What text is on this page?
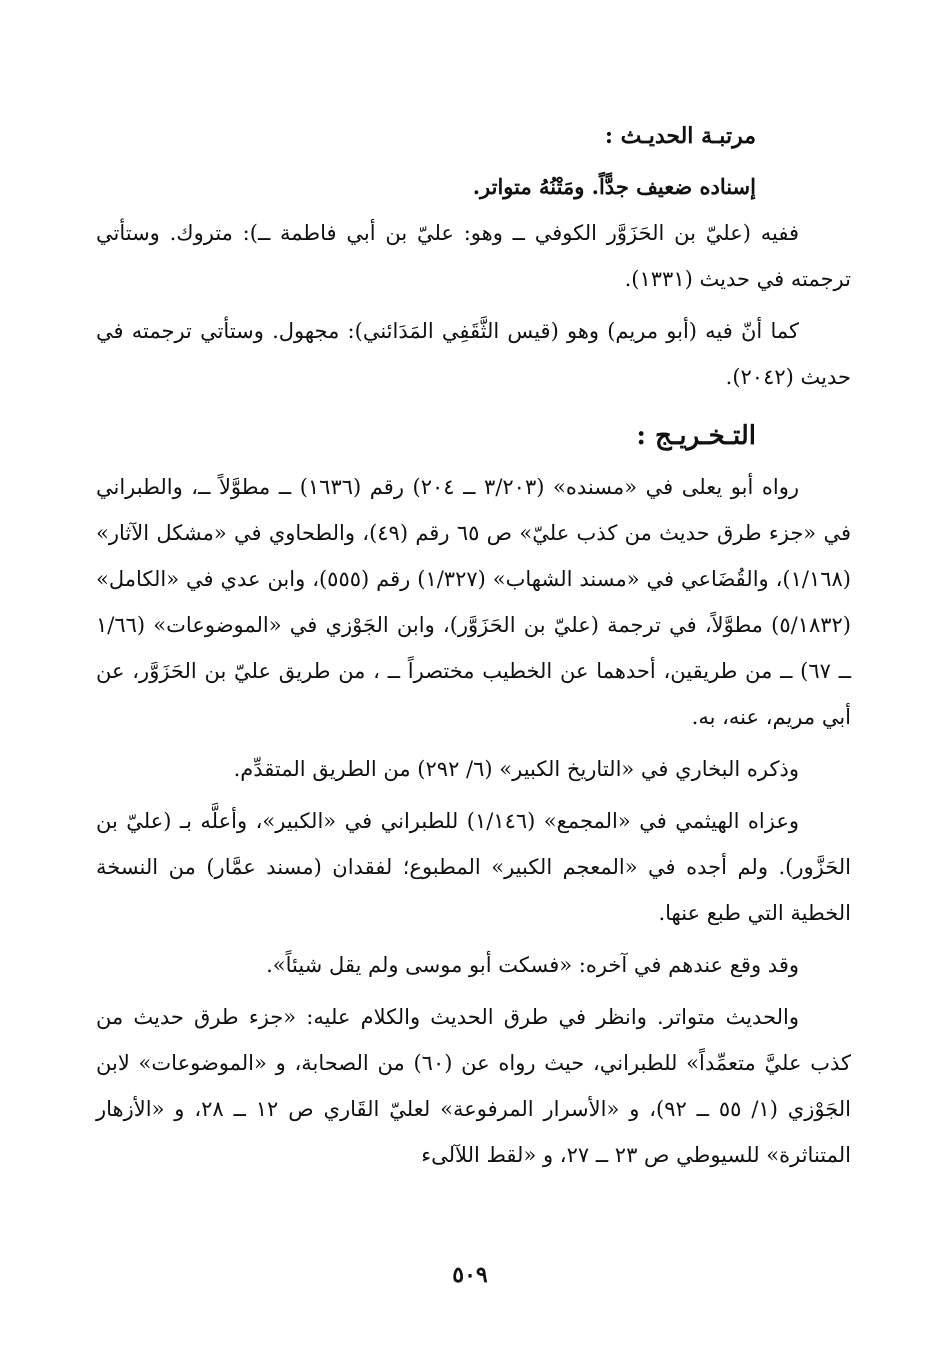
مرتبـة الحديـث :
إسناده ضعيف جدًّاً. ومَتْنُهُ متواتر.

ففيه (عليّ بن الحَزَوَّر الكوفي ــ وهو: عليّ بن أبي فاطمة ــ): متروك. وستأتي ترجمته في حديث (١٣٣١).

كما أنّ فيه (أبو مريم) وهو (قيس الثَّقَفِي المَدَائني): مجهول. وستأتي ترجمته في حديث (٢٠٤٢).

التـخـريـج :

رواه أبو يعلى في «مسنده» (٣/٢٠٣ ــ ٢٠٤) رقم (١٦٣٦) ــ مطوَّلاً ــ، والطبراني في «جزء طرق حديث من كذب عليّ» ص ٦٥ رقم (٤٩)، والطحاوي في «مشكل الآثار» (١/١٦٨)، والقُضَاعي في «مسند الشهاب» (١/٣٢٧) رقم (٥٥٥)، وابن عدي في «الكامل» (٥/١٨٣٢) مطوَّلاً، في ترجمة (عليّ بن الحَزَوَّر)، وابن الجَوْزي في «الموضوعات» (١/٦٦ ــ ٦٧) ــ من طريقين، أحدهما عن الخطيب مختصراً ــ ، من طريق عليّ بن الحَزَوَّر، عن أبي مريم، عنه، به.

وذكره البخاري في «التاريخ الكبير» (٦/ ٢٩٢) من الطريق المتقدِّم.

وعزاه الهيثمي في «المجمع» (١/١٤٦) للطبراني في «الكبير»، وأعلَّه بـ (عليّ بن الحَزَّور). ولم أجده في «المعجم الكبير» المطبوع؛ لفقدان (مسند عمَّار) من النسخة الخطية التي طبع عنها.

وقد وقع عندهم في آخره: «فسكت أبو موسى ولم يقل شيئاً».

والحديث متواتر. وانظر في طرق الحديث والكلام عليه: «جزء طرق حديث من كذب عليَّ متعمِّداً» للطبراني، حيث رواه عن (٦٠) من الصحابة، و «الموضوعات» لابن الجَوْزي (١/ ٥٥ ــ ٩٢)، و «الأسرار المرفوعة» لعليّ القَاري ص ١٢ ــ ٢٨، و «الأزهار المتناثرة» للسيوطي ص ٢٣ ــ ٢٧، و «لقط اللآلىء

٥٠٩
